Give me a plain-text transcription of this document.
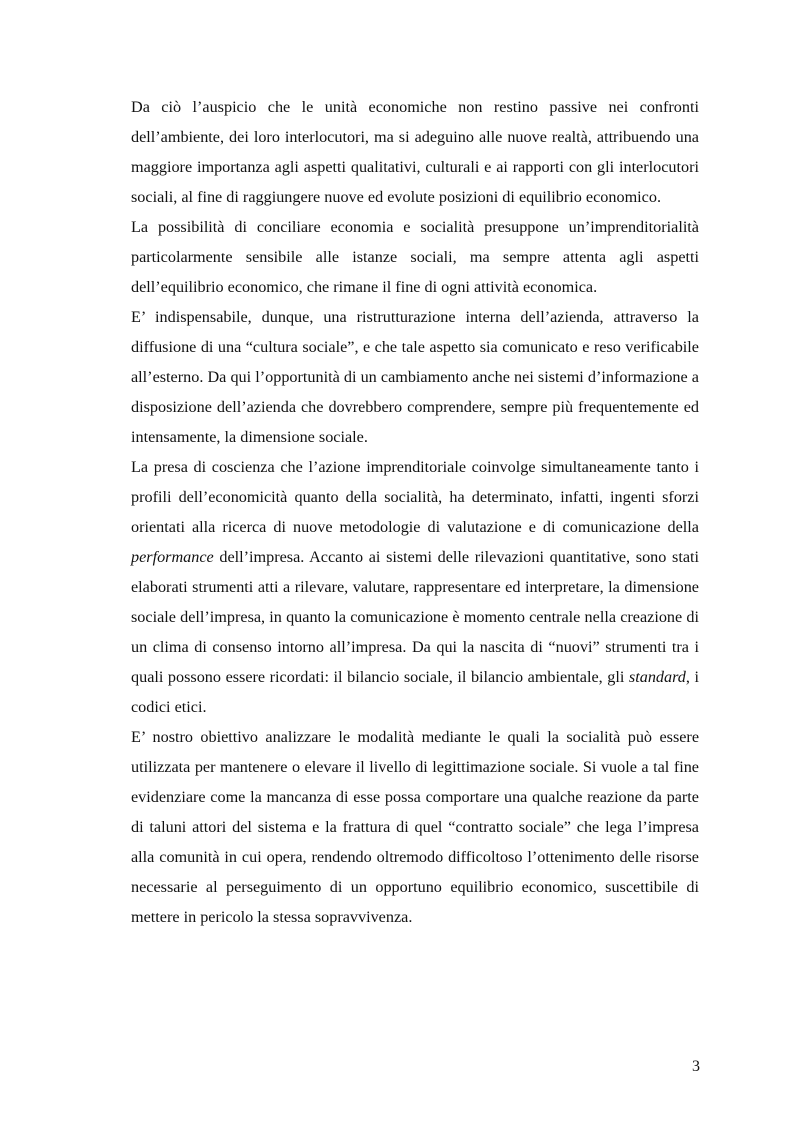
Da ciò l’auspicio che le unità economiche non restino passive nei confronti dell’ambiente, dei loro interlocutori, ma si adeguino alle nuove realtà, attribuendo una maggiore importanza agli aspetti qualitativi, culturali e ai rapporti con gli interlocutori sociali, al fine di raggiungere nuove ed evolute posizioni di equilibrio economico.

La possibilità di conciliare economia e socialità presuppone un’imprenditorialità particolarmente sensibile alle istanze sociali, ma sempre attenta agli aspetti dell’equilibrio economico, che rimane il fine di ogni attività economica.

E’ indispensabile, dunque, una ristrutturazione interna dell’azienda, attraverso la diffusione di una “cultura sociale”, e che tale aspetto sia comunicato e reso verificabile all’esterno. Da qui l’opportunità di un cambiamento anche nei sistemi d’informazione a disposizione dell’azienda che dovrebbero comprendere, sempre più frequentemente ed intensamente, la dimensione sociale.

La presa di coscienza che l’azione imprenditoriale coinvolge simultaneamente tanto i profili dell’economicità quanto della socialità, ha determinato, infatti, ingenti sforzi orientati alla ricerca di nuove metodologie di valutazione e di comunicazione della performance dell’impresa. Accanto ai sistemi delle rilevazioni quantitative, sono stati elaborati strumenti atti a rilevare, valutare, rappresentare ed interpretare, la dimensione sociale dell’impresa, in quanto la comunicazione è momento centrale nella creazione di un clima di consenso intorno all’impresa. Da qui la nascita di “nuovi” strumenti tra i quali possono essere ricordati: il bilancio sociale, il bilancio ambientale, gli standard, i codici etici.

E’ nostro obiettivo analizzare le modalità mediante le quali la socialità può essere utilizzata per mantenere o elevare il livello di legittimazione sociale. Si vuole a tal fine evidenziare come la mancanza di esse possa comportare una qualche reazione da parte di taluni attori del sistema e la frattura di quel “contratto sociale” che lega l’impresa alla comunità in cui opera, rendendo oltremodo difficoltoso l’ottenimento delle risorse necessarie al perseguimento di un opportuno equilibrio economico, suscettibile di mettere in pericolo la stessa sopravvivenza.

3
